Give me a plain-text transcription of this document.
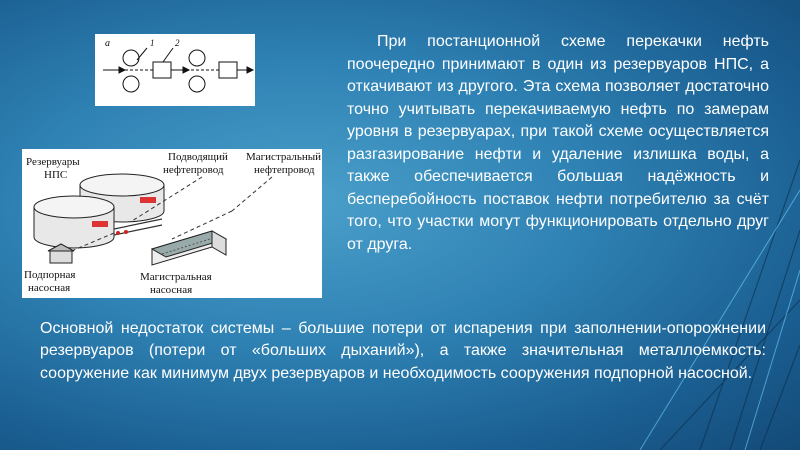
а	1 2
Резервуары
НПС
Подводящий
нефтепровод
Магистральный
нефтепровод
Подпорная
насосная
Магистральная
насосная

При постанционной схеме перекачки нефть поочередно принимают в один из резервуаров НПС, а откачивают из другого. Эта схема позволяет достаточно точно учитывать перекачиваемую нефть по замерам уровня в резервуарах, при такой схеме осуществляется разгазирование нефти и удаление излишка воды, а также обеспечивается большая надёжность и бесперебойность поставок нефти потребителю за счёт того, что участки могут функционировать отдельно друг от друга.

Основной недостаток системы – большие потери от испарения при заполнении-опорожнении резервуаров (потери от «больших дыханий»), а также значительная металлоемкость: сооружение как минимум двух резервуаров и необходимость сооружения подпорной насосной.
